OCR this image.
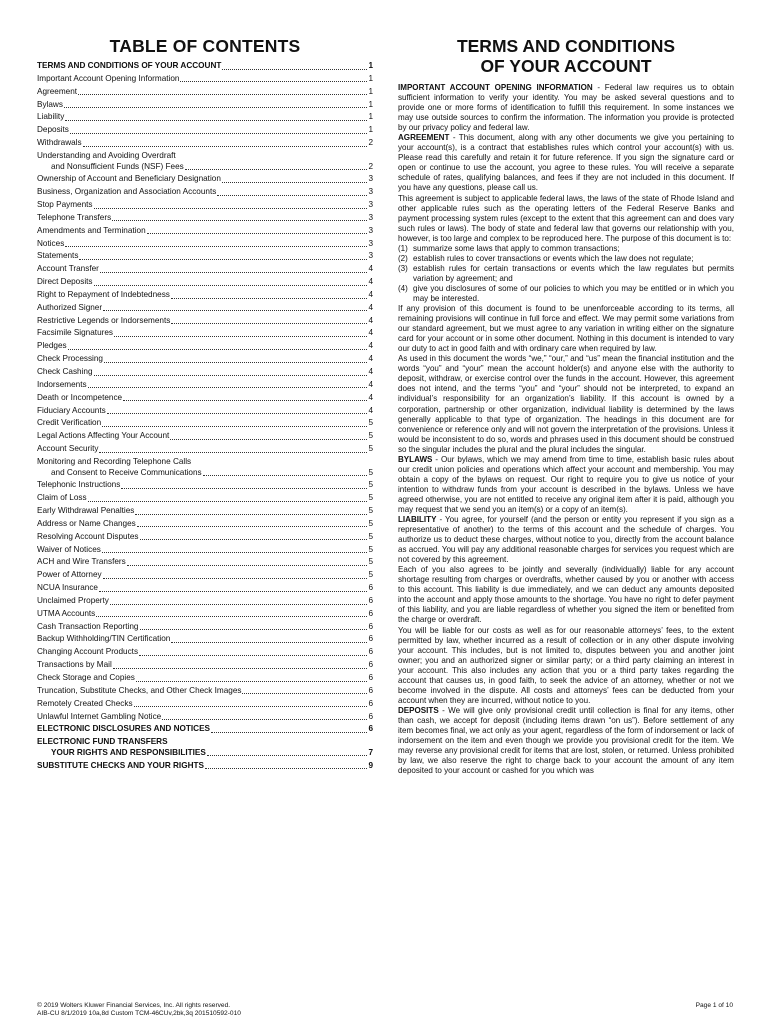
TABLE OF CONTENTS
TERMS AND CONDITIONS OF YOUR ACCOUNT	1
Important Account Opening Information	1
Agreement	1
Bylaws	1
Liability	1
Deposits	1
Withdrawals	2
Understanding and Avoiding Overdraft
and Nonsufficient Funds (NSF) Fees	2
Ownership of Account and Beneficiary Designation	3
Business, Organization and Association Accounts	3
Stop Payments	3
Telephone Transfers	3
Amendments and Termination	3
Notices	3
Statements	3
Account Transfer	4
Direct Deposits	4
Right to Repayment of Indebtedness	4
Authorized Signer	4
Restrictive Legends or Indorsements	4
Facsimile Signatures	4
Pledges	4
Check Processing	4
Check Cashing	4
Indorsements	4
Death or Incompetence	4
Fiduciary Accounts	4
Credit Verification	5
Legal Actions Affecting Your Account	5
Account Security	5
Monitoring and Recording Telephone Calls
and Consent to Receive Communications	5
Telephonic Instructions	5
Claim of Loss	5
Early Withdrawal Penalties	5
Address or Name Changes	5
Resolving Account Disputes	5
Waiver of Notices	5
ACH and Wire Transfers	5
Power of Attorney	5
NCUA Insurance	6
Unclaimed Property	6
UTMA Accounts	6
Cash Transaction Reporting	6
Backup Withholding/TIN Certification	6
Changing Account Products	6
Transactions by Mail	6
Check Storage and Copies	6
Truncation, Substitute Checks, and Other Check Images	6
Remotely Created Checks	6
Unlawful Internet Gambling Notice	6
ELECTRONIC DISCLOSURES AND NOTICES	6
ELECTRONIC FUND TRANSFERS
YOUR RIGHTS AND RESPONSIBILITIES	7
SUBSTITUTE CHECKS AND YOUR RIGHTS	9
TERMS AND CONDITIONS
OF YOUR ACCOUNT

IMPORTANT ACCOUNT OPENING INFORMATION - Federal law requires us to obtain sufficient information to verify your identity. You may be asked several questions and to provide one or more forms of identification to fulfill this requirement. In some instances we may use outside sources to confirm the information. The information you provide is protected by our privacy policy and federal law.

AGREEMENT - This document, along with any other documents we give you pertaining to your account(s), is a contract that establishes rules which control your account(s) with us. Please read this carefully and retain it for future reference. If you sign the signature card or open or continue to use the account, you agree to these rules. You will receive a separate schedule of rates, qualifying balances, and fees if they are not included in this document. If you have any questions, please call us.

This agreement is subject to applicable federal laws, the laws of the state of Rhode Island and other applicable rules such as the operating letters of the Federal Reserve Banks and payment processing system rules (except to the extent that this agreement can and does vary such rules or laws). The body of state and federal law that governs our relationship with you, however, is too large and complex to be reproduced here. The purpose of this document is to:

(1) summarize some laws that apply to common transactions;
(2) establish rules to cover transactions or events which the law does not regulate;
(3) establish rules for certain transactions or events which the law regulates but permits variation by agreement; and
(4) give you disclosures of some of our policies to which you may be entitled or in which you may be interested.

If any provision of this document is found to be unenforceable according to its terms, all remaining provisions will continue in full force and effect. We may permit some variations from our standard agreement, but we must agree to any variation in writing either on the signature card for your account or in some other document. Nothing in this document is intended to vary our duty to act in good faith and with ordinary care when required by law.

As used in this document the words “we,” “our,” and “us” mean the financial institution and the words “you” and “your” mean the account holder(s) and anyone else with the authority to deposit, withdraw, or exercise control over the funds in the account. However, this agreement does not intend, and the terms “you” and “your” should not be interpreted, to expand an individual’s responsibility for an organization’s liability. If this account is owned by a corporation, partnership or other organization, individual liability is determined by the laws generally applicable to that type of organization. The headings in this document are for convenience or reference only and will not govern the interpretation of the provisions. Unless it would be inconsistent to do so, words and phrases used in this document should be construed so the singular includes the plural and the plural includes the singular.

BYLAWS - Our bylaws, which we may amend from time to time, establish basic rules about our credit union policies and operations which affect your account and membership. You may obtain a copy of the bylaws on request. Our right to require you to give us notice of your intention to withdraw funds from your account is described in the bylaws. Unless we have agreed otherwise, you are not entitled to receive any original item after it is paid, although you may request that we send you an item(s) or a copy of an item(s).

LIABILITY - You agree, for yourself (and the person or entity you represent if you sign as a representative of another) to the terms of this account and the schedule of charges. You authorize us to deduct these charges, without notice to you, directly from the account balance as accrued. You will pay any additional reasonable charges for services you request which are not covered by this agreement.

Each of you also agrees to be jointly and severally (individually) liable for any account shortage resulting from charges or overdrafts, whether caused by you or another with access to this account. This liability is due immediately, and we can deduct any amounts deposited into the account and apply those amounts to the shortage. You have no right to defer payment of this liability, and you are liable regardless of whether you signed the item or benefited from the charge or overdraft.

You will be liable for our costs as well as for our reasonable attorneys’ fees, to the extent permitted by law, whether incurred as a result of collection or in any other dispute involving your account. This includes, but is not limited to, disputes between you and another joint owner; you and an authorized signer or similar party; or a third party claiming an interest in your account. This also includes any action that you or a third party takes regarding the account that causes us, in good faith, to seek the advice of an attorney, whether or not we become involved in the dispute. All costs and attorneys’ fees can be deducted from your account when they are incurred, without notice to you.

DEPOSITS - We will give only provisional credit until collection is final for any items, other than cash, we accept for deposit (including items drawn “on us”). Before settlement of any item becomes final, we act only as your agent, regardless of the form of indorsement or lack of indorsement on the item and even though we provide you provisional credit for the item. We may reverse any provisional credit for items that are lost, stolen, or returned. Unless prohibited by law, we also reserve the right to charge back to your account the amount of any item deposited to your account or cashed for you which was

© 2019 Wolters Kluwer Financial Services, Inc. All rights reserved.
AIB-CU 8/1/2019 10a,8d Custom TCM-46CUv,2bk,3q 201510592-010
Page 1 of 10
